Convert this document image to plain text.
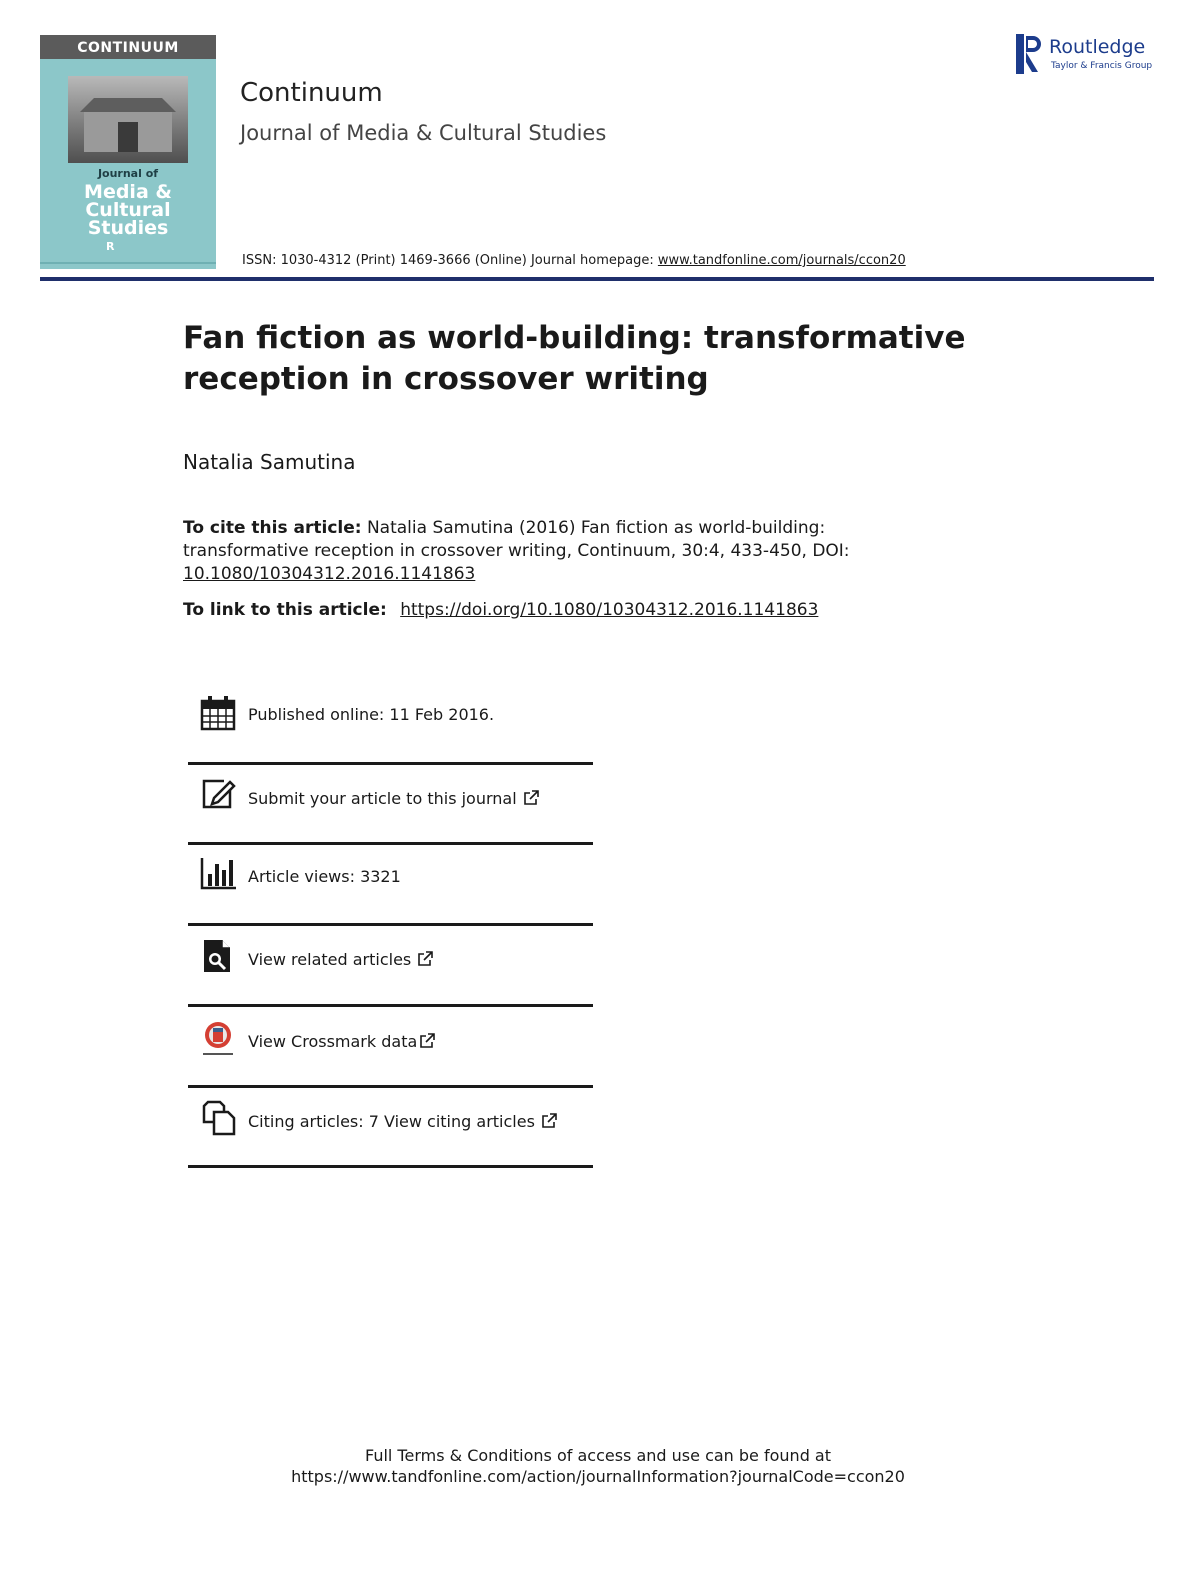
CONTINUUM
Journal of
Media &
Cultural
Studies
R
Continuum
Journal of Media & Cultural Studies
ISSN: 1030-4312 (Print) 1469-3666 (Online) Journal homepage: www.tandfonline.com/journals/ccon20
Routledge
Taylor & Francis Group
Fan fiction as world-building: transformative
reception in crossover writing
Natalia Samutina
To cite this article: Natalia Samutina (2016) Fan fiction as world-building: transformative reception in crossover writing, Continuum, 30:4, 433-450, DOI:
10.1080/10304312.2016.1141863
To link to this article: https://doi.org/10.1080/10304312.2016.1141863
Published online: 11 Feb 2016.
Submit your article to this journal
Article views: 3321
View related articles
View Crossmark data
Citing articles: 7 View citing articles
Full Terms & Conditions of access and use can be found at
https://www.tandfonline.com/action/journalInformation?journalCode=ccon20
